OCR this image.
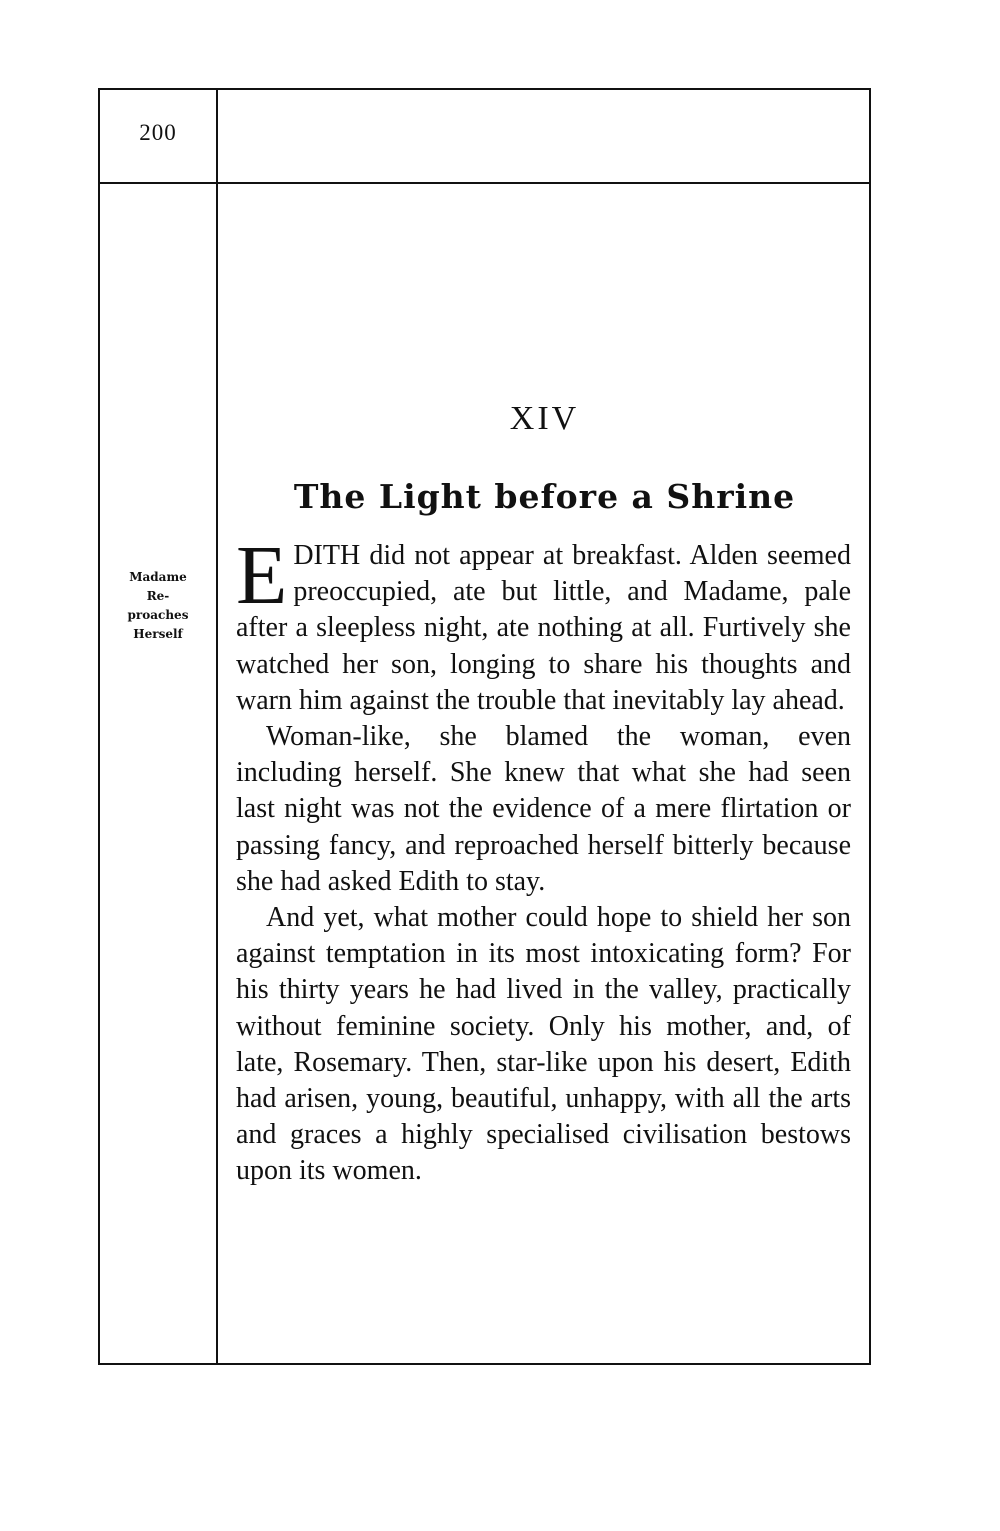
200
Madame
Re-
proaches
Herself
XIV
The Light before a Shrine

EDITH did not appear at breakfast. Alden seemed preoccupied, ate but little, and Madame, pale after a sleepless night, ate nothing at all. Furtively she watched her son, longing to share his thoughts and warn him against the trouble that inevitably lay ahead.

Woman-like, she blamed the woman, even including herself. She knew that what she had seen last night was not the evidence of a mere flirtation or passing fancy, and reproached herself bitterly because she had asked Edith to stay.

And yet, what mother could hope to shield her son against temptation in its most intoxicating form? For his thirty years he had lived in the valley, practically without feminine society. Only his mother, and, of late, Rosemary. Then, star-like upon his desert, Edith had arisen, young, beautiful, unhappy, with all the arts and graces a highly specialised civilisation bestows upon its women.
